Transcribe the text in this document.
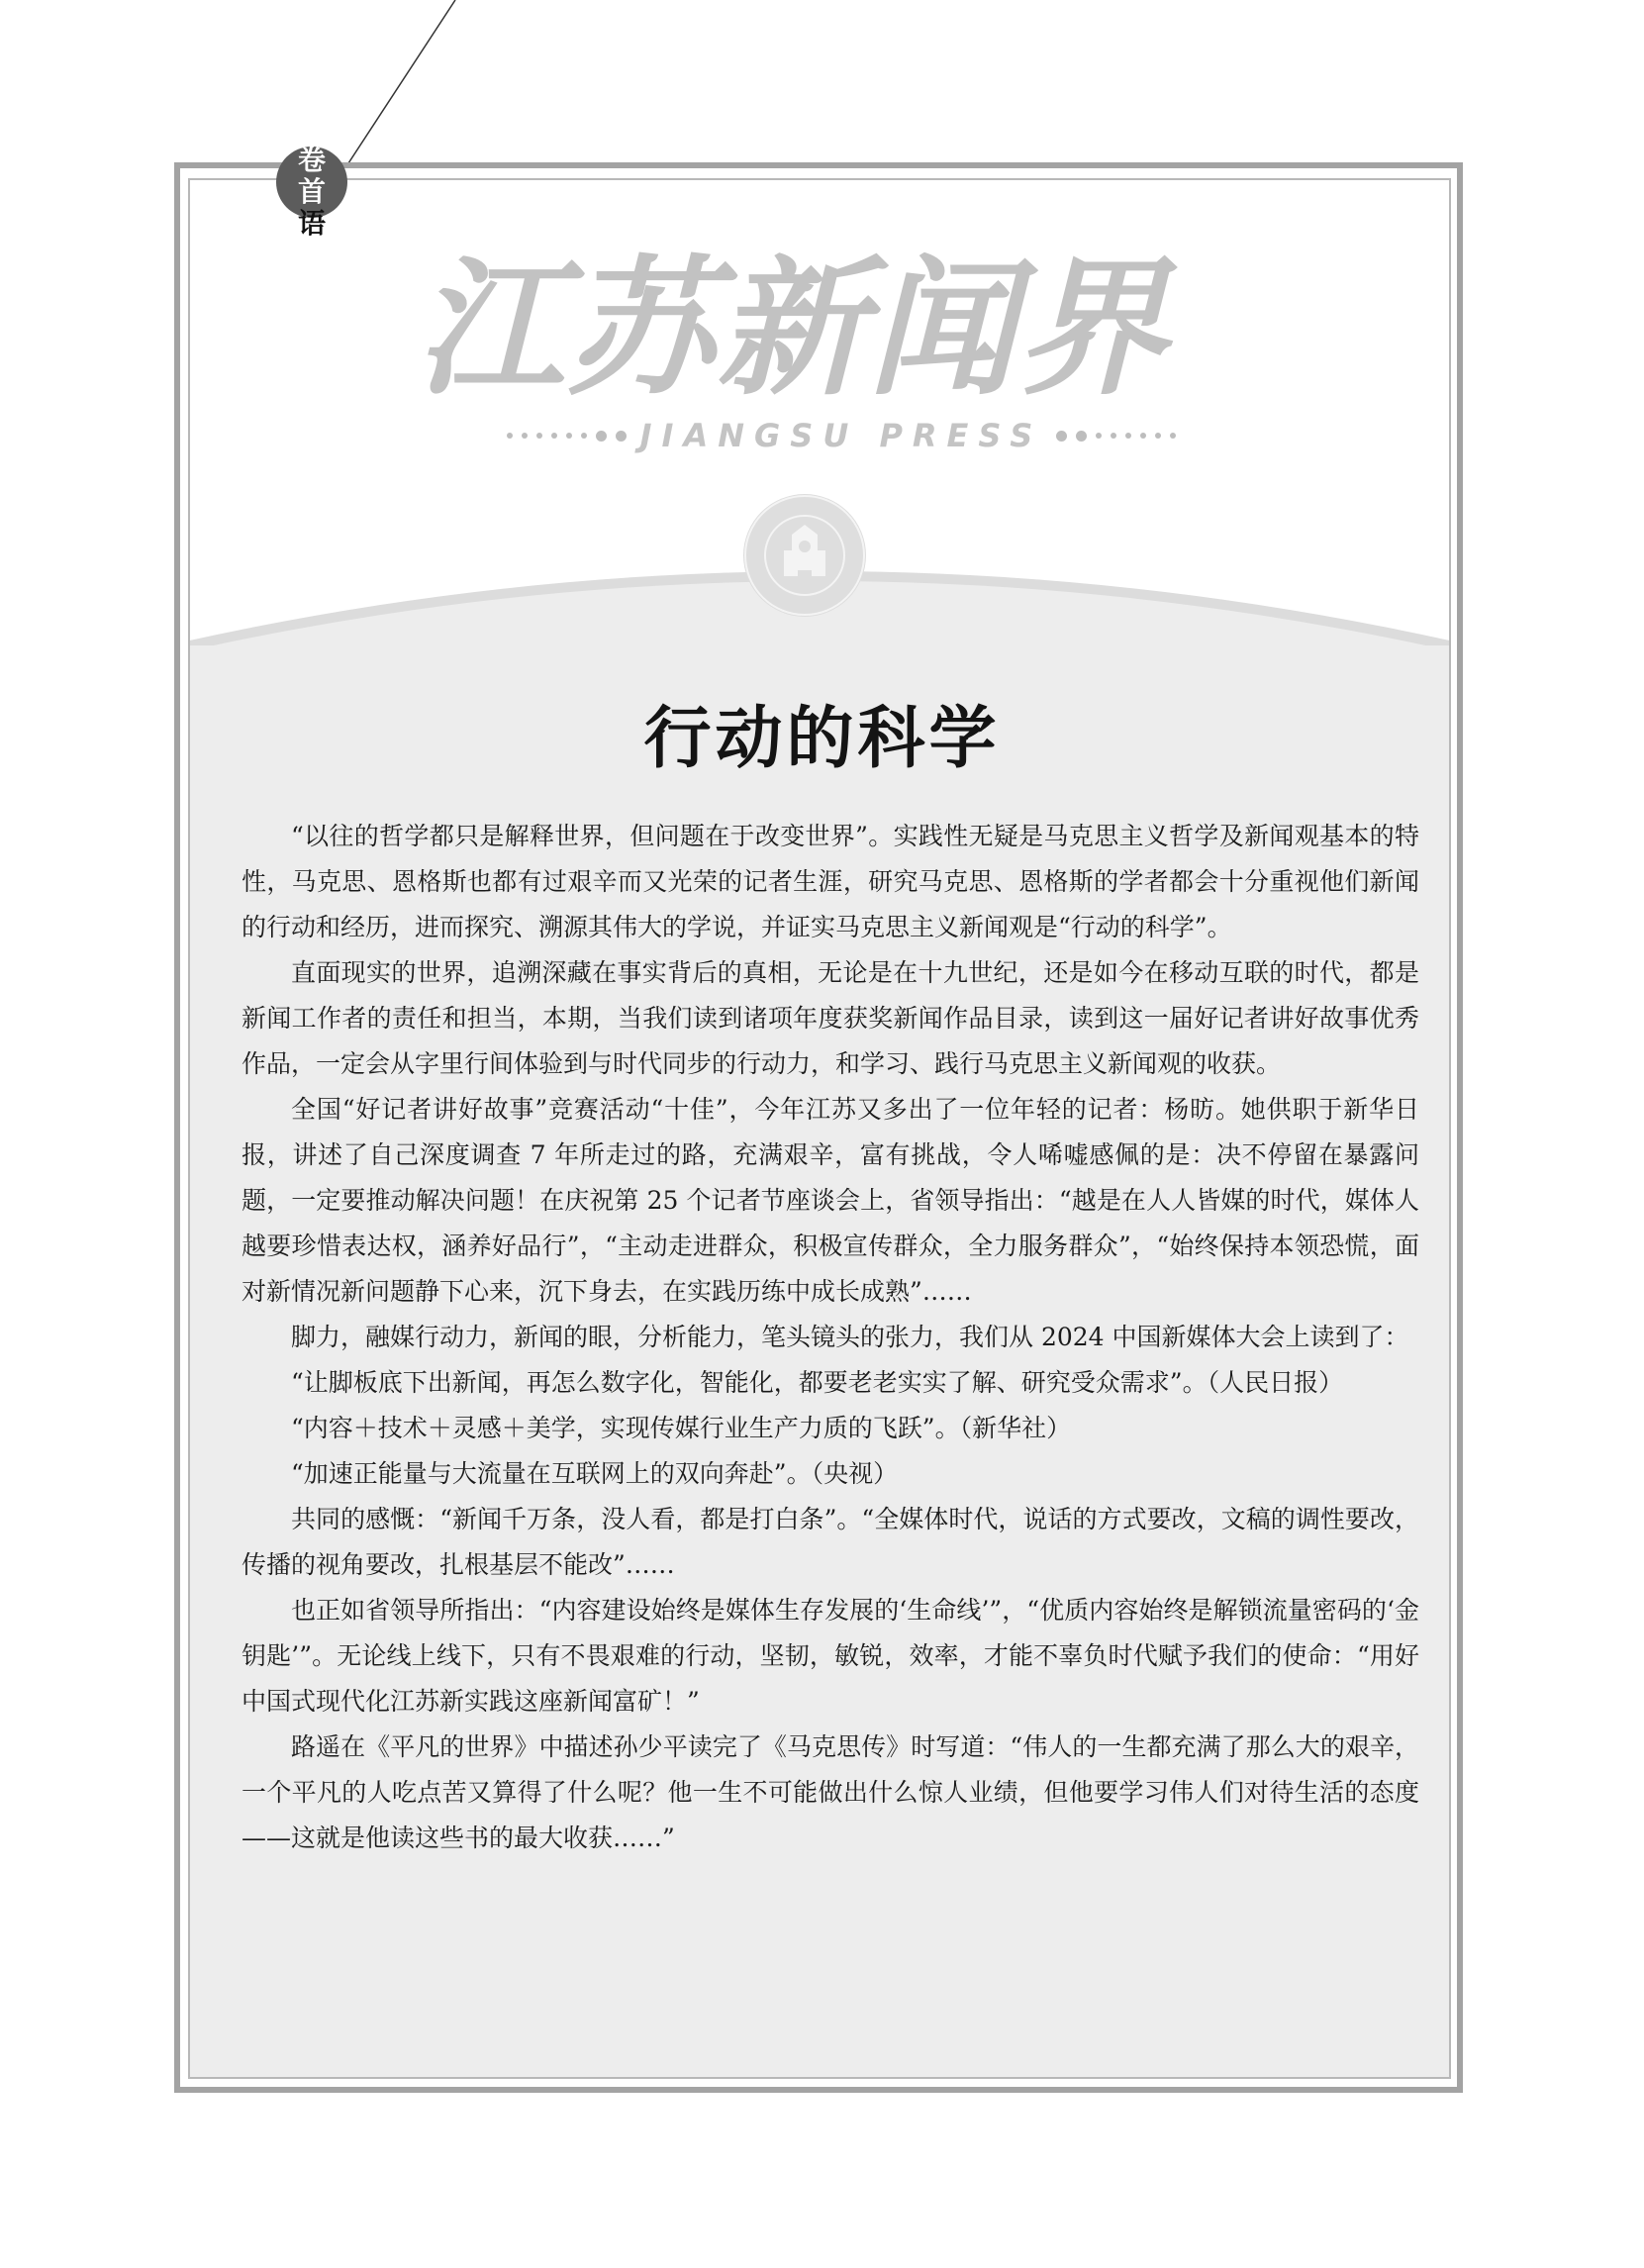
卷
首
语
江苏新闻界
JIANGSU PRESS
行动的科学

“以往的哲学都只是解释世界，但问题在于改变世界”。实践性无疑是马克思主义哲学及新闻观基本的特性，马克思、恩格斯也都有过艰辛而又光荣的记者生涯，研究马克思、恩格斯的学者都会十分重视他们新闻的行动和经历，进而探究、溯源其伟大的学说，并证实马克思主义新闻观是“行动的科学”。

直面现实的世界，追溯深藏在事实背后的真相，无论是在十九世纪，还是如今在移动互联的时代，都是新闻工作者的责任和担当，本期，当我们读到诸项年度获奖新闻作品目录，读到这一届好记者讲好故事优秀作品，一定会从字里行间体验到与时代同步的行动力，和学习、践行马克思主义新闻观的收获。

全国“好记者讲好故事”竞赛活动“十佳”，今年江苏又多出了一位年轻的记者：杨昉。她供职于新华日报，讲述了自己深度调查 7 年所走过的路，充满艰辛，富有挑战，令人唏嘘感佩的是：决不停留在暴露问题，一定要推动解决问题！在庆祝第 25 个记者节座谈会上，省领导指出：“越是在人人皆媒的时代，媒体人越要珍惜表达权，涵养好品行”，“主动走进群众，积极宣传群众，全力服务群众”，“始终保持本领恐慌，面对新情况新问题静下心来，沉下身去，在实践历练中成长成熟”……

脚力，融媒行动力，新闻的眼，分析能力，笔头镜头的张力，我们从 2024 中国新媒体大会上读到了：

“让脚板底下出新闻，再怎么数字化，智能化，都要老老实实了解、研究受众需求”。（人民日报）

“内容＋技术＋灵感＋美学，实现传媒行业生产力质的飞跃”。（新华社）

“加速正能量与大流量在互联网上的双向奔赴”。（央视）

共同的感慨：“新闻千万条，没人看，都是打白条”。“全媒体时代，说话的方式要改，文稿的调性要改，传播的视角要改，扎根基层不能改”……

也正如省领导所指出：“内容建设始终是媒体生存发展的‘生命线’”，“优质内容始终是解锁流量密码的‘金钥匙’”。无论线上线下，只有不畏艰难的行动，坚韧，敏锐，效率，才能不辜负时代赋予我们的使命：“用好中国式现代化江苏新实践这座新闻富矿！”

路遥在《平凡的世界》中描述孙少平读完了《马克思传》时写道：“伟人的一生都充满了那么大的艰辛，一个平凡的人吃点苦又算得了什么呢？他一生不可能做出什么惊人业绩，但他要学习伟人们对待生活的态度——这就是他读这些书的最大收获……”
